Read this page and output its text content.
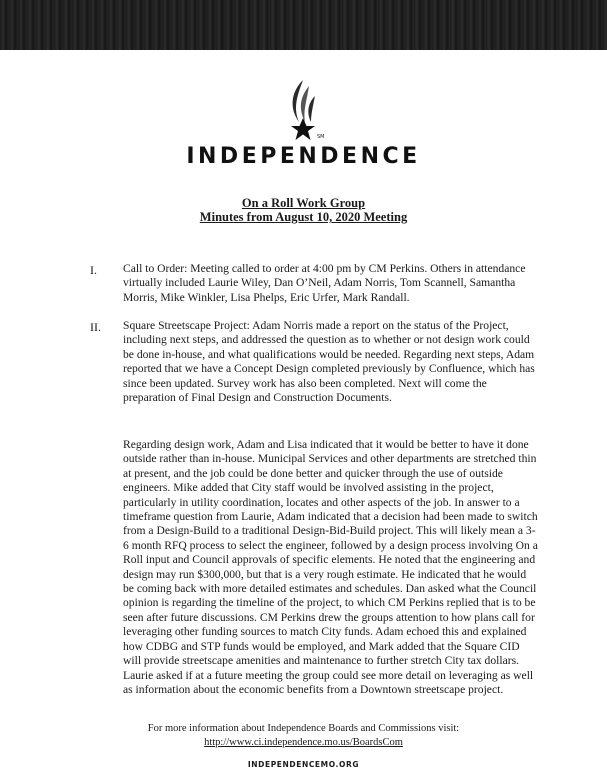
SM
INDEPENDENCE
On a Roll Work Group
Minutes from August 10, 2020 Meeting
I. Call to Order: Meeting called to order at 4:00 pm by CM Perkins. Others in attendance virtually included Laurie Wiley, Dan O’Neil, Adam Norris, Tom Scannell, Samantha Morris, Mike Winkler, Lisa Phelps, Eric Urfer, Mark Randall.

II. Square Streetscape Project: Adam Norris made a report on the status of the Project, including next steps, and addressed the question as to whether or not design work could be done in-house, and what qualifications would be needed. Regarding next steps, Adam reported that we have a Concept Design completed previously by Confluence, which has since been updated. Survey work has also been completed. Next will come the preparation of Final Design and Construction Documents.

Regarding design work, Adam and Lisa indicated that it would be better to have it done outside rather than in-house. Municipal Services and other departments are stretched thin at present, and the job could be done better and quicker through the use of outside engineers. Mike added that City staff would be involved assisting in the project, particularly in utility coordination, locates and other aspects of the job. In answer to a timeframe question from Laurie, Adam indicated that a decision had been made to switch from a Design-Build to a traditional Design-Bid-Build project. This will likely mean a 3-6 month RFQ process to select the engineer, followed by a design process involving On a Roll input and Council approvals of specific elements. He noted that the engineering and design may run $300,000, but that is a very rough estimate. He indicated that he would be coming back with more detailed estimates and schedules. Dan asked what the Council opinion is regarding the timeline of the project, to which CM Perkins replied that is to be seen after future discussions. CM Perkins drew the groups attention to how plans call for leveraging other funding sources to match City funds. Adam echoed this and explained how CDBG and STP funds would be employed, and Mark added that the Square CID will provide streetscape amenities and maintenance to further stretch City tax dollars. Laurie asked if at a future meeting the group could see more detail on leveraging as well as information about the economic benefits from a Downtown streetscape project.

For more information about Independence Boards and Commissions visit:
http://www.ci.independence.mo.us/BoardsCom
INDEPENDENCEMO.ORG
